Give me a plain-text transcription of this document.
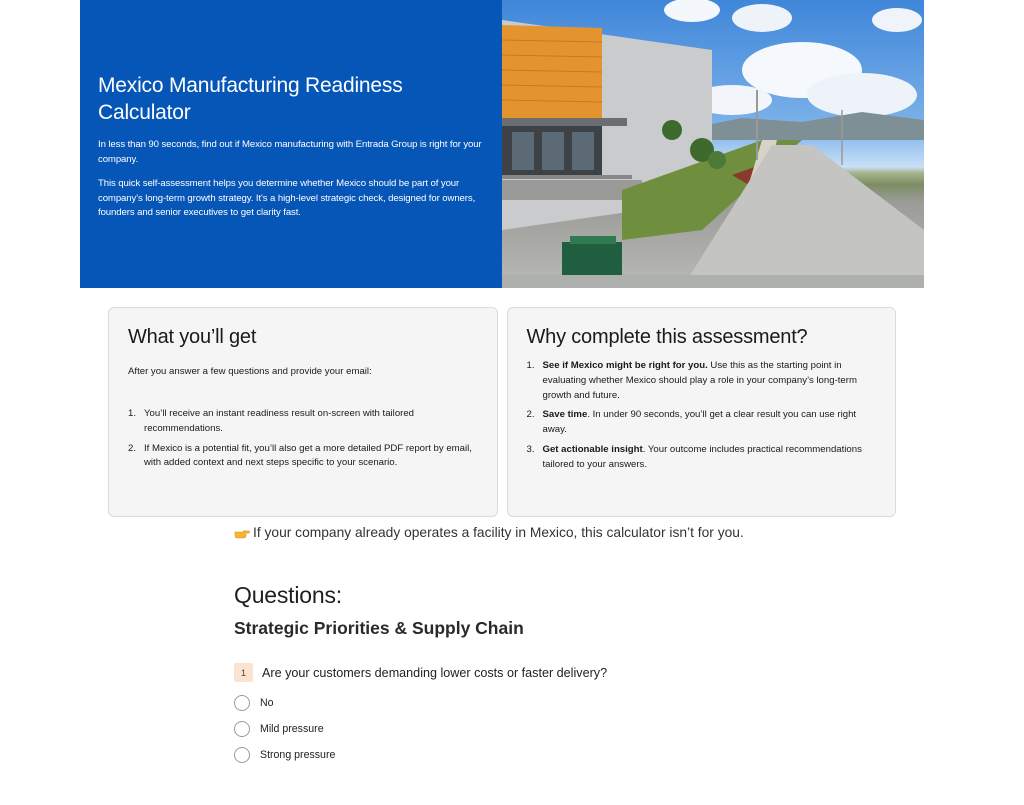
Mexico Manufacturing Readiness Calculator

In less than 90 seconds, find out if Mexico manufacturing with Entrada Group is right for your company.

This quick self-assessment helps you determine whether Mexico should be part of your company's long-term growth strategy. It's a high-level strategic check, designed for owners, founders and senior executives to get clarity fast.

What you’ll get

After you answer a few questions and provide your email:

1. You’ll receive an instant readiness result on-screen with tailored recommendations.
2. If Mexico is a potential fit, you’ll also get a more detailed PDF report by email, with added context and next steps specific to your scenario.
Why complete this assessment?
1. See if Mexico might be right for you. Use this as the starting point in evaluating whether Mexico should play a role in your company’s long-term growth and future.
2. Save time. In under 90 seconds, you’ll get a clear result you can use right away.
3. Get actionable insight. Your outcome includes practical recommendations tailored to your answers.
If your company already operates a facility in Mexico, this calculator isn’t for you.
Questions:
Strategic Priorities & Supply Chain
1	Are your customers demanding lower costs or faster delivery?
No
Mild pressure
Strong pressure
